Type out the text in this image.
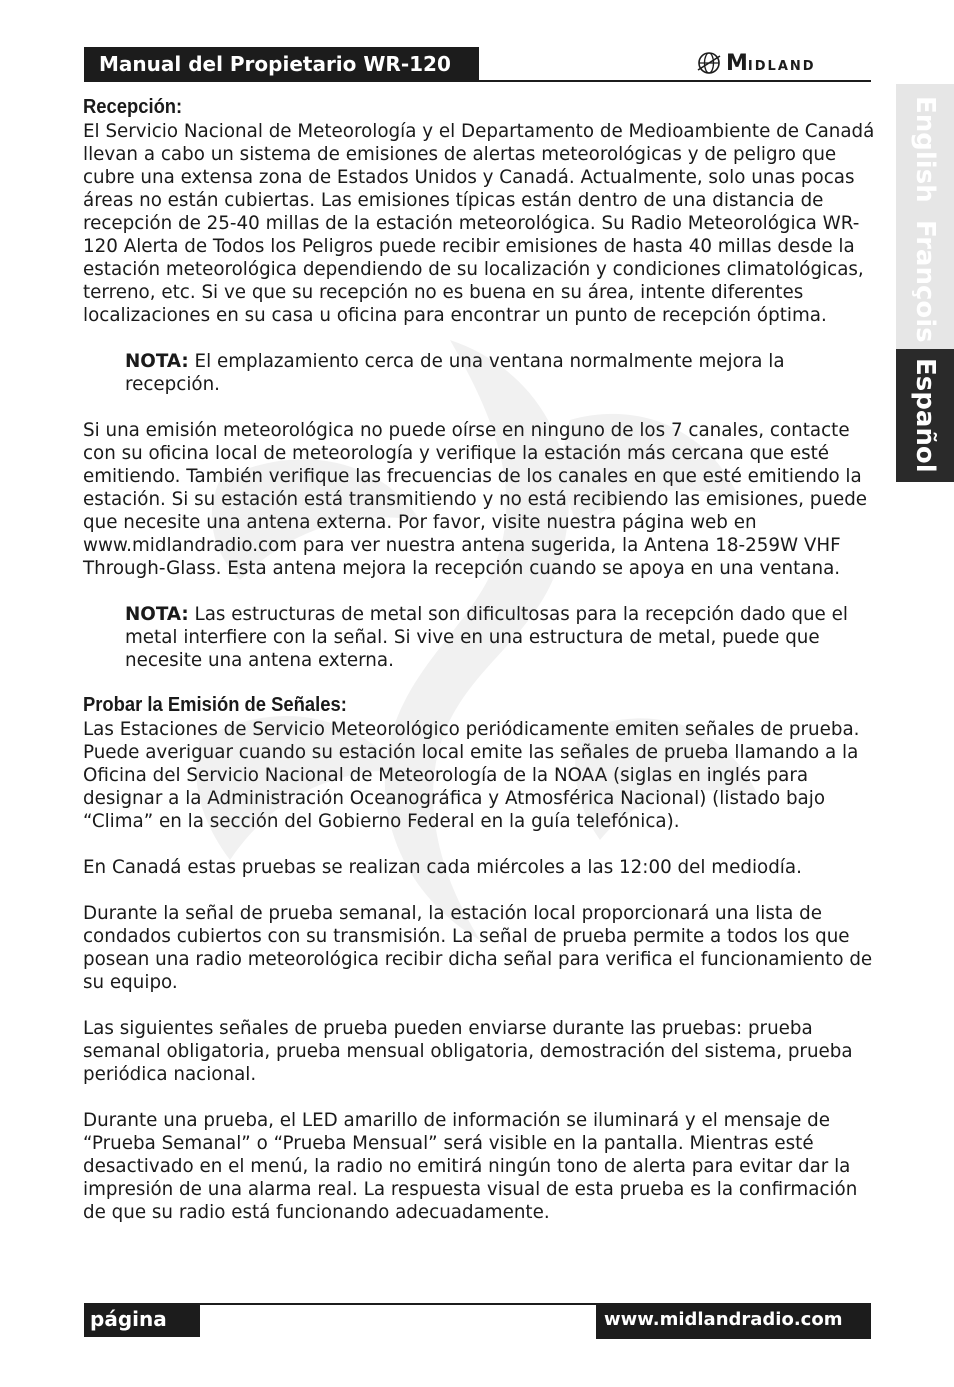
Manual del Propietario WR-120	MIDLAND
English
François
Español
Recepción:

El Servicio Nacional de Meteorología y el Departamento de Medioambiente de Canadá llevan a cabo un sistema de emisiones de alertas meteorológicas y de peligro que cubre una extensa zona de Estados Unidos y Canadá. Actualmente, solo unas pocas áreas no están cubiertas. Las emisiones típicas están dentro de una distancia de recepción de 25-40 millas de la estación meteorológica. Su Radio Meteorológica WR-120 Alerta de Todos los Peligros puede recibir emisiones de hasta 40 millas desde la estación meteorológica dependiendo de su localización y condiciones climatológicas, terreno, etc. Si ve que su recepción no es buena en su área, intente diferentes localizaciones en su casa u oficina para encontrar un punto de recepción óptima.

NOTA: El emplazamiento cerca de una ventana normalmente mejora la recepción.

Si una emisión meteorológica no puede oírse en ninguno de los 7 canales, contacte con su oficina local de meteorología y verifique la estación más cercana que esté emitiendo. También verifique las frecuencias de los canales en que esté emitiendo la estación. Si su estación está transmitiendo y no está recibiendo las emisiones, puede que necesite una antena externa. Por favor, visite nuestra página web en www.midlandradio.com para ver nuestra antena sugerida, la Antena 18-259W VHF Through-Glass. Esta antena mejora la recepción cuando se apoya en una ventana.

NOTA: Las estructuras de metal son dificultosas para la recepción dado que el metal interfiere con la señal. Si vive en una estructura de metal, puede que necesite una antena externa.

Probar la Emisión de Señales:

Las Estaciones de Servicio Meteorológico periódicamente emiten señales de prueba. Puede averiguar cuando su estación local emite las señales de prueba llamando a la Oficina del Servicio Nacional de Meteorología de la NOAA (siglas en inglés para designar a la Administración Oceanográfica y Atmosférica Nacional) (listado bajo “Clima” en la sección del Gobierno Federal en la guía telefónica).

En Canadá estas pruebas se realizan cada miércoles a las 12:00 del mediodía.

Durante la señal de prueba semanal, la estación local proporcionará una lista de condados cubiertos con su transmisión. La señal de prueba permite a todos los que posean una radio meteorológica recibir dicha señal para verifica el funcionamiento de su equipo.

Las siguientes señales de prueba pueden enviarse durante las pruebas: prueba semanal obligatoria, prueba mensual obligatoria, demostración del sistema, prueba periódica nacional.

Durante una prueba, el LED amarillo de información se iluminará y el mensaje de “Prueba Semanal” o “Prueba Mensual” será visible en la pantalla. Mientras esté desactivado en el menú, la radio no emitirá ningún tono de alerta para evitar dar la impresión de una alarma real. La respuesta visual de esta prueba es la confirmación de que su radio está funcionando adecuadamente.

página 35
www.midlandradio.com
